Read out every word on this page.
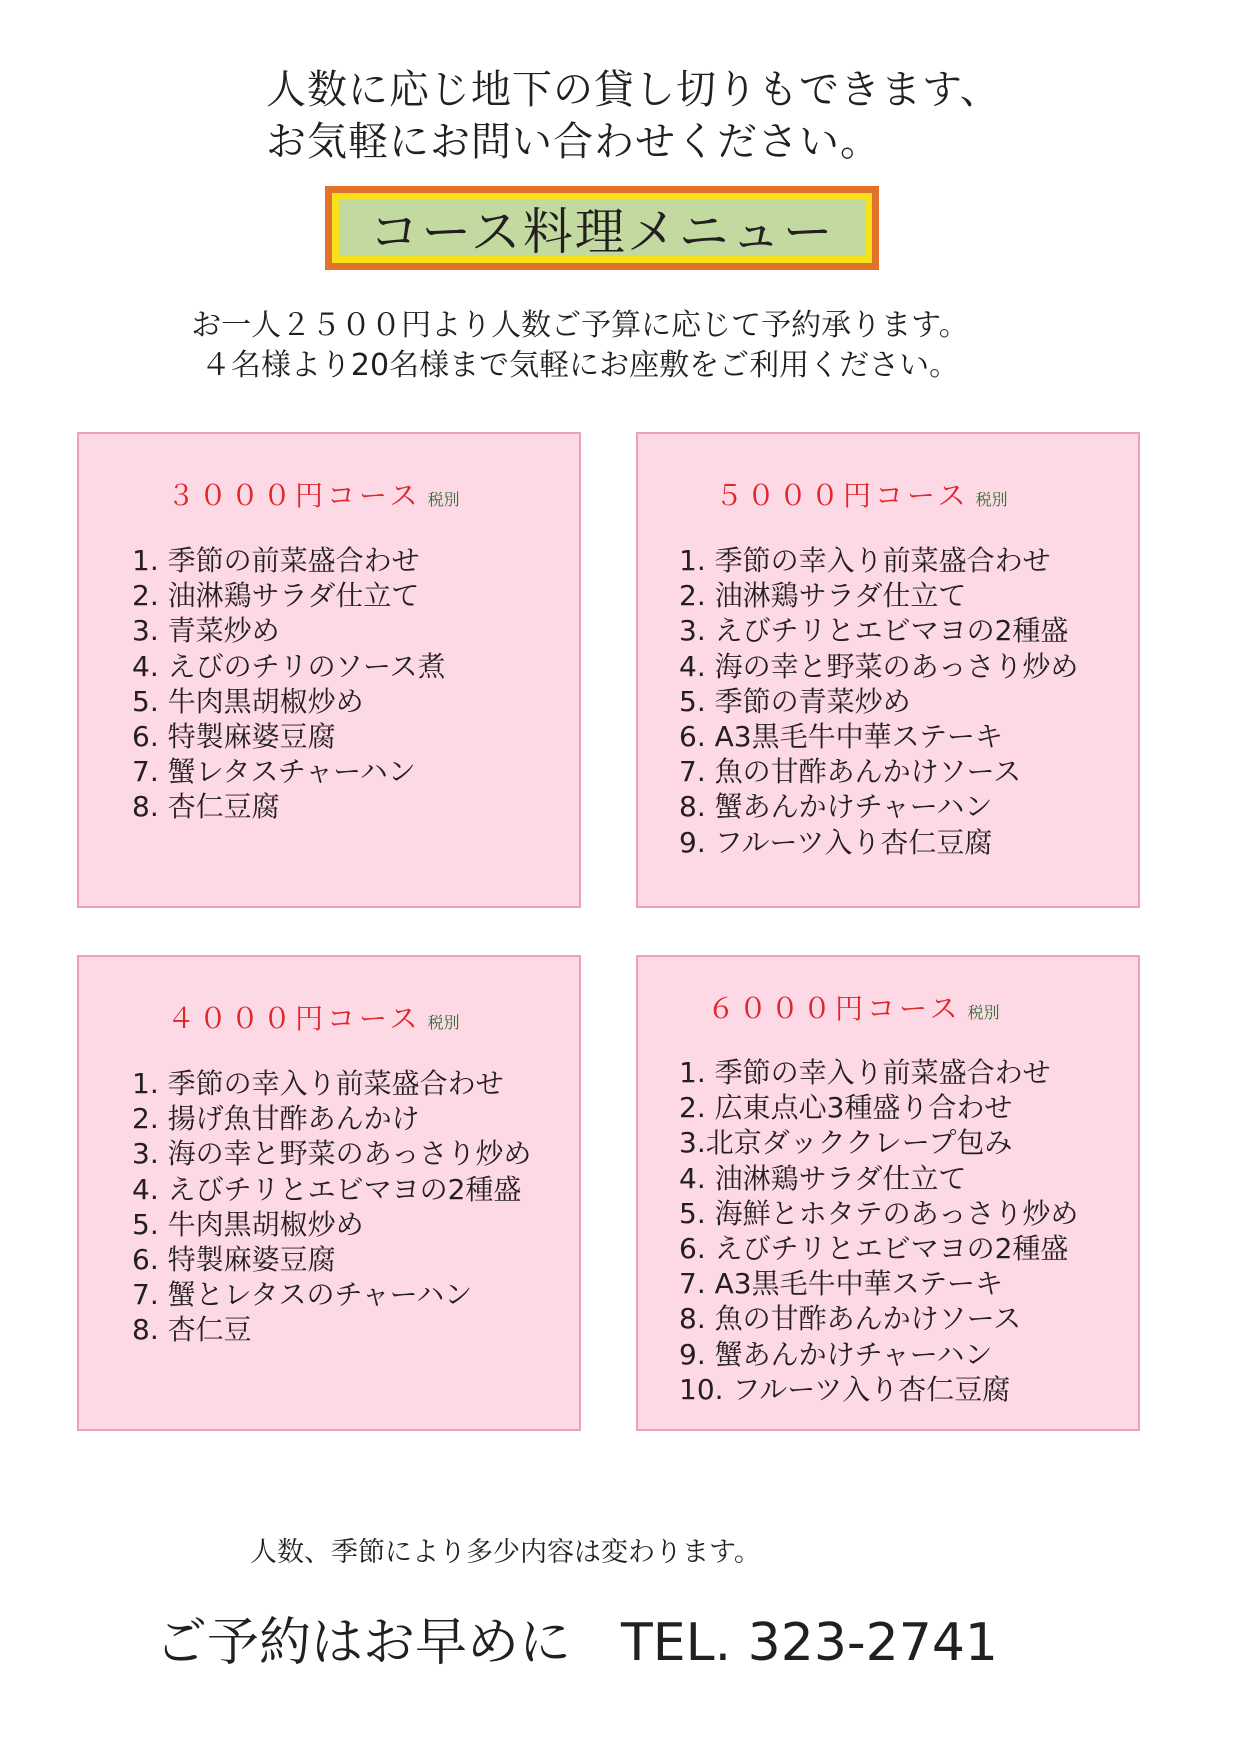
人数に応じ地下の貸し切りもできます、
お気軽にお問い合わせください。
コース料理メニュー
お一人２５００円より人数ご予算に応じて予約承ります。
４名様より20名様まで気軽にお座敷をご利用ください。
３０００円コース 税別
1. 季節の前菜盛合わせ
2. 油淋鶏サラダ仕立て
3. 青菜炒め
4. えびのチリのソース煮
5. 牛肉黒胡椒炒め
6. 特製麻婆豆腐
7. 蟹レタスチャーハン
8. 杏仁豆腐
５０００円コース 税別
1. 季節の幸入り前菜盛合わせ
2. 油淋鶏サラダ仕立て
3. えびチリとエビマヨの2種盛
4. 海の幸と野菜のあっさり炒め
5. 季節の青菜炒め
6. A3黒毛牛中華ステーキ
7. 魚の甘酢あんかけソース
8. 蟹あんかけチャーハン
9. フルーツ入り杏仁豆腐
４０００円コース 税別
1. 季節の幸入り前菜盛合わせ
2. 揚げ魚甘酢あんかけ
3. 海の幸と野菜のあっさり炒め
4. えびチリとエビマヨの2種盛
5. 牛肉黒胡椒炒め
6. 特製麻婆豆腐
7. 蟹とレタスのチャーハン
8. 杏仁豆
６０００円コース 税別
1. 季節の幸入り前菜盛合わせ
2. 広東点心3種盛り合わせ
3.北京ダッククレープ包み
4. 油淋鶏サラダ仕立て
5. 海鮮とホタテのあっさり炒め
6. えびチリとエビマヨの2種盛
7. A3黒毛牛中華ステーキ
8. 魚の甘酢あんかけソース
9. 蟹あんかけチャーハン
10. フルーツ入り杏仁豆腐
人数、季節により多少内容は変わります。
ご予約はお早めに TEL. 323-2741
